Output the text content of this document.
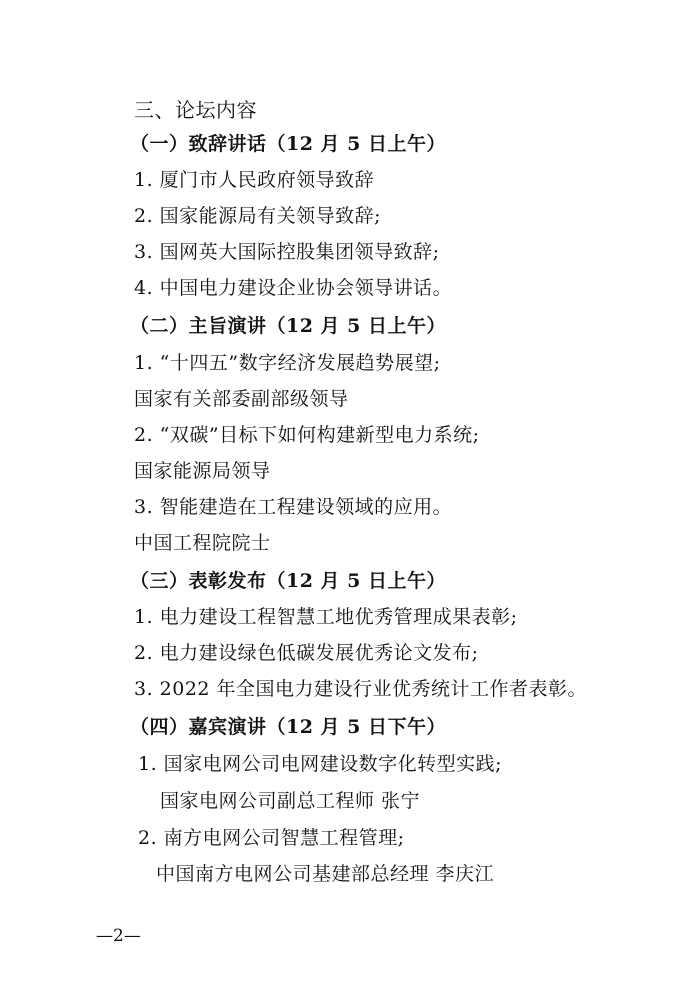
三、论坛内容
（一）致辞讲话（12 月 5 日上午）
1. 厦门市人民政府领导致辞
2. 国家能源局有关领导致辞;
3. 国网英大国际控股集团领导致辞;
4. 中国电力建设企业协会领导讲话。
（二）主旨演讲（12 月 5 日上午）
1. “十四五”数字经济发展趋势展望;
国家有关部委副部级领导
2. “双碳”目标下如何构建新型电力系统;
国家能源局领导
3. 智能建造在工程建设领域的应用。
中国工程院院士
（三）表彰发布（12 月 5 日上午）
1. 电力建设工程智慧工地优秀管理成果表彰;
2. 电力建设绿色低碳发展优秀论文发布;
3. 2022 年全国电力建设行业优秀统计工作者表彰。
（四）嘉宾演讲（12 月 5 日下午）
1. 国家电网公司电网建设数字化转型实践;
国家电网公司副总工程师 张宁
2. 南方电网公司智慧工程管理;
中国南方电网公司基建部总经理 李庆江
—2—
